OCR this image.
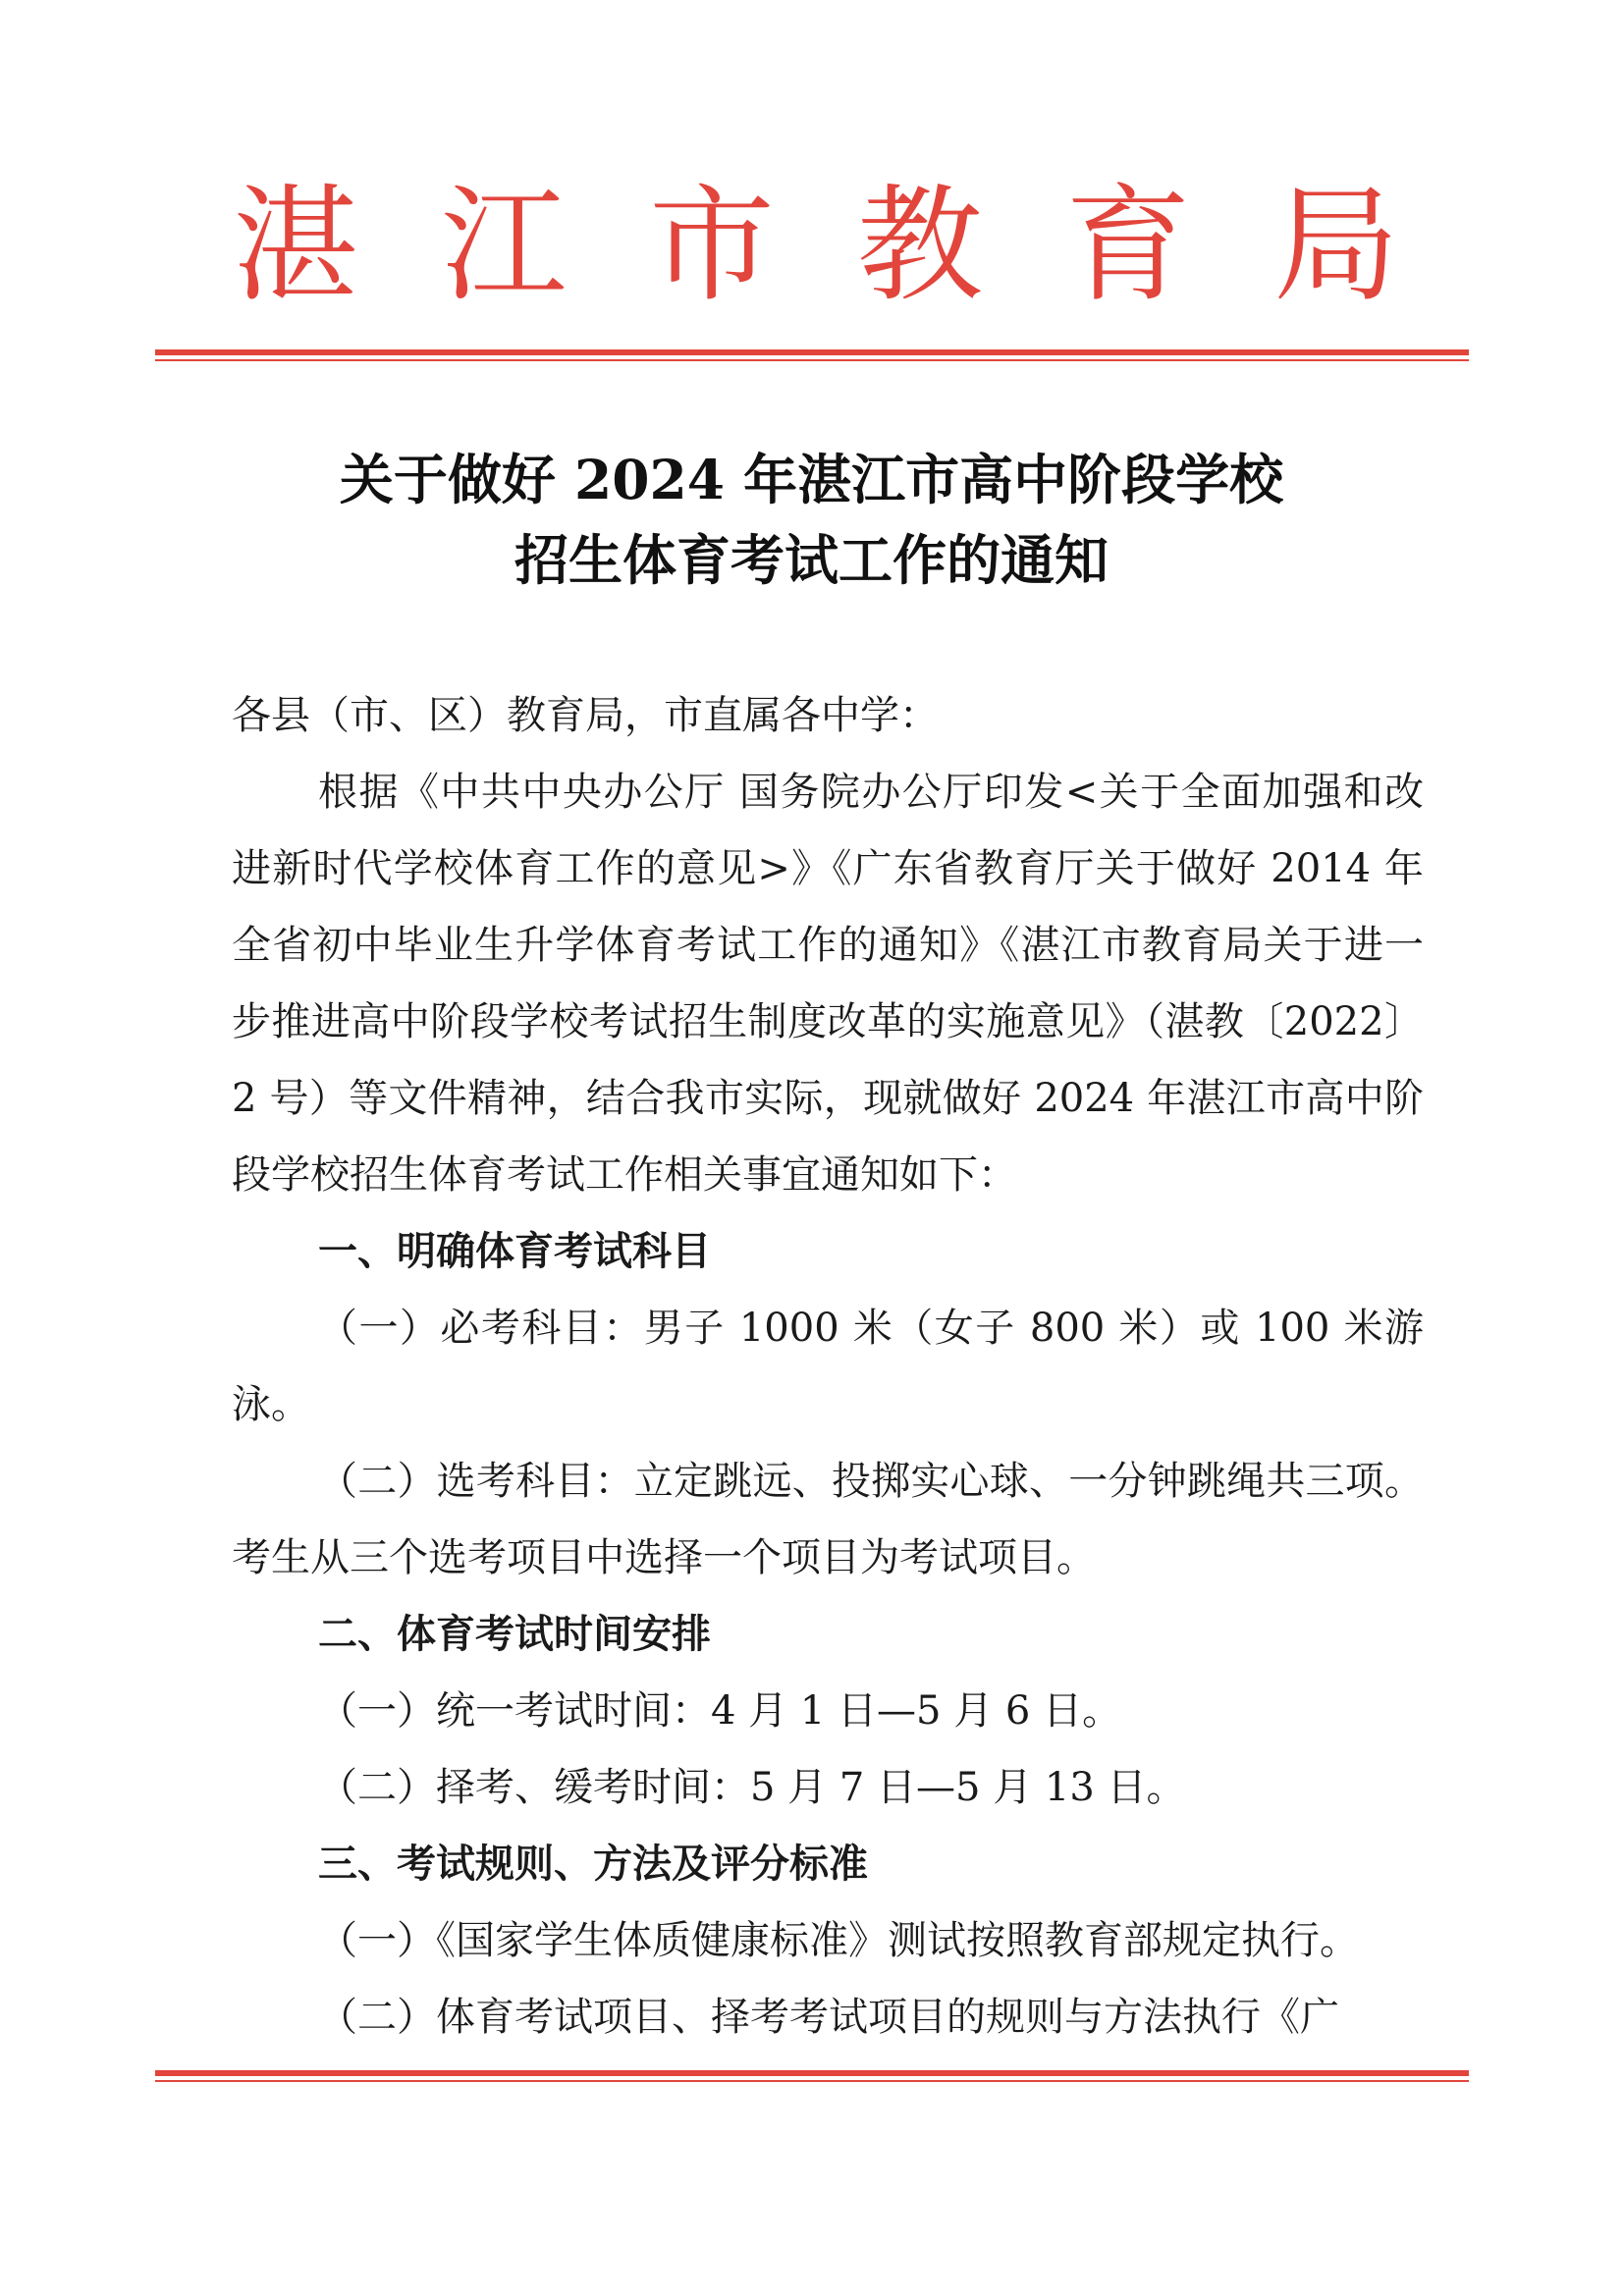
湛 江 市 教 育 局
关于做好 2024 年湛江市高中阶段学校
招生体育考试工作的通知

各县（市、区）教育局，市直属各中学：

根据《中共中央办公厅 国务院办公厅印发<关于全面加强和改进新时代学校体育工作的意见>》《广东省教育厅关于做好 2014 年全省初中毕业生升学体育考试工作的通知》《湛江市教育局关于进一步推进高中阶段学校考试招生制度改革的实施意见》（湛教〔2022〕2 号）等文件精神，结合我市实际，现就做好 2024 年湛江市高中阶段学校招生体育考试工作相关事宜通知如下：

一、明确体育考试科目

（一）必考科目：男子 1000 米（女子 800 米）或 100 米游泳。

（二）选考科目：立定跳远、投掷实心球、一分钟跳绳共三项。考生从三个选考项目中选择一个项目为考试项目。

二、体育考试时间安排

（一）统一考试时间：4 月 1 日—5 月 6 日。

（二）择考、缓考时间：5 月 7 日—5 月 13 日。

三、考试规则、方法及评分标准

（一）《国家学生体质健康标准》测试按照教育部规定执行。

（二）体育考试项目、择考考试项目的规则与方法执行《广
